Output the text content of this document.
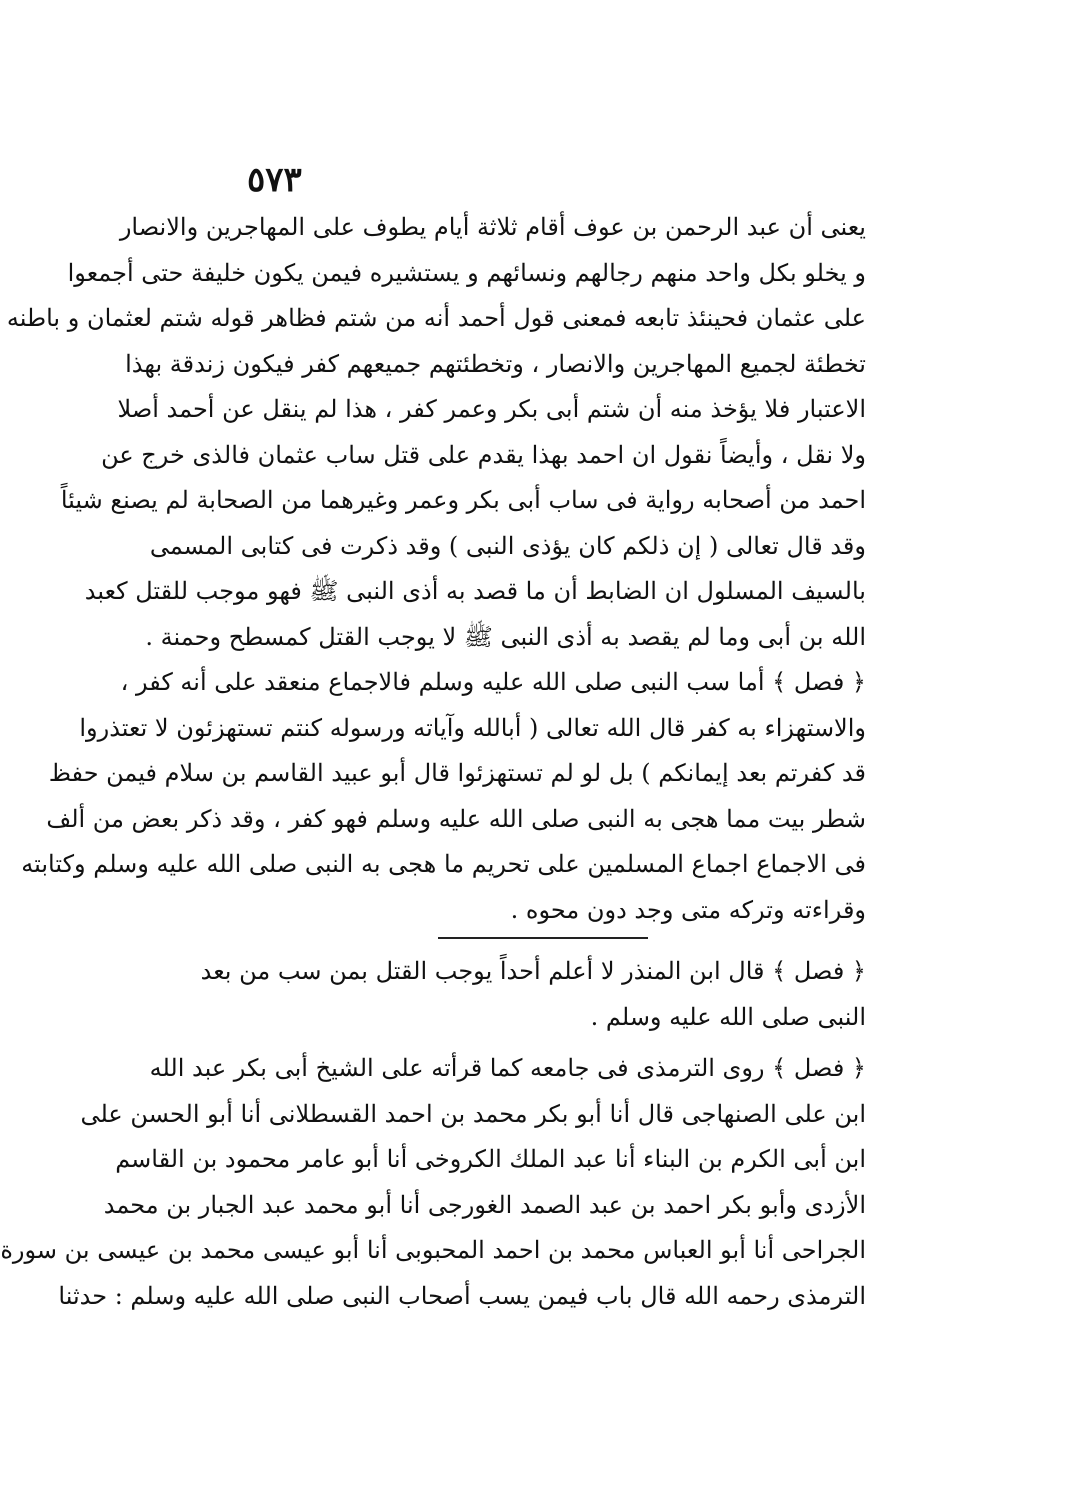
٥٧٣
يعنى أن عبد الرحمن بن عوف أقام ثلاثة أيام يطوف على المهاجرين والانصار
و يخلو بكل واحد منهم رجالهم ونسائهم و يستشيره فيمن يكون خليفة حتى أجمعوا
على عثمان فحينئذ تابعه فمعنى قول أحمد أنه من شتم فظاهر قوله شتم لعثمان و باطنه
تخطئة لجميع المهاجرين والانصار ، وتخطئتهم جميعهم كفر فيكون زندقة بهذا
الاعتبار فلا يؤخذ منه أن شتم أبى بكر وعمر كفر ، هذا لم ينقل عن أحمد أصلا
ولا نقل ، وأيضاً نقول ان احمد بهذا يقدم على قتل ساب عثمان فالذى خرج عن
احمد من أصحابه رواية فى ساب أبى بكر وعمر وغيرهما من الصحابة لم يصنع شيئاً
وقد قال تعالى ( إن ذلكم كان يؤذى النبى ) وقد ذكرت فى كتابى المسمى
بالسيف المسلول ان الضابط أن ما قصد به أذى النبى ﷺ فهو موجب للقتل كعبد
الله بن أبى وما لم يقصد به أذى النبى ﷺ لا يوجب القتل كمسطح وحمنة .
﴿ فصل ﴾ أما سب النبى صلى الله عليه وسلم فالاجماع منعقد على أنه كفر ،
والاستهزاء به كفر قال الله تعالى ( أبالله وآياته ورسوله كنتم تستهزئون لا تعتذروا
قد كفرتم بعد إيمانكم ) بل لو لم تستهزئوا قال أبو عبيد القاسم بن سلام فيمن حفظ
شطر بيت مما هجى به النبى صلى الله عليه وسلم فهو كفر ، وقد ذكر بعض من ألف
فى الاجماع اجماع المسلمين على تحريم ما هجى به النبى صلى الله عليه وسلم وكتابته
وقراءته وتركه متى وجد دون محوه .
﴿ فصل ﴾ قال ابن المنذر لا أعلم أحداً يوجب القتل بمن سب من بعد
النبى صلى الله عليه وسلم .
﴿ فصل ﴾ روى الترمذى فى جامعه كما قرأته على الشيخ أبى بكر عبد الله
ابن على الصنهاجى قال أنا أبو بكر محمد بن احمد القسطلانى أنا أبو الحسن على
ابن أبى الكرم بن البناء أنا عبد الملك الكروخى أنا أبو عامر محمود بن القاسم
الأزدى وأبو بكر احمد بن عبد الصمد الغورجى أنا أبو محمد عبد الجبار بن محمد
الجراحى أنا أبو العباس محمد بن احمد المحبوبى أنا أبو عيسى محمد بن عيسى بن سورة
الترمذى رحمه الله قال باب فيمن يسب أصحاب النبى صلى الله عليه وسلم : حدثنا
